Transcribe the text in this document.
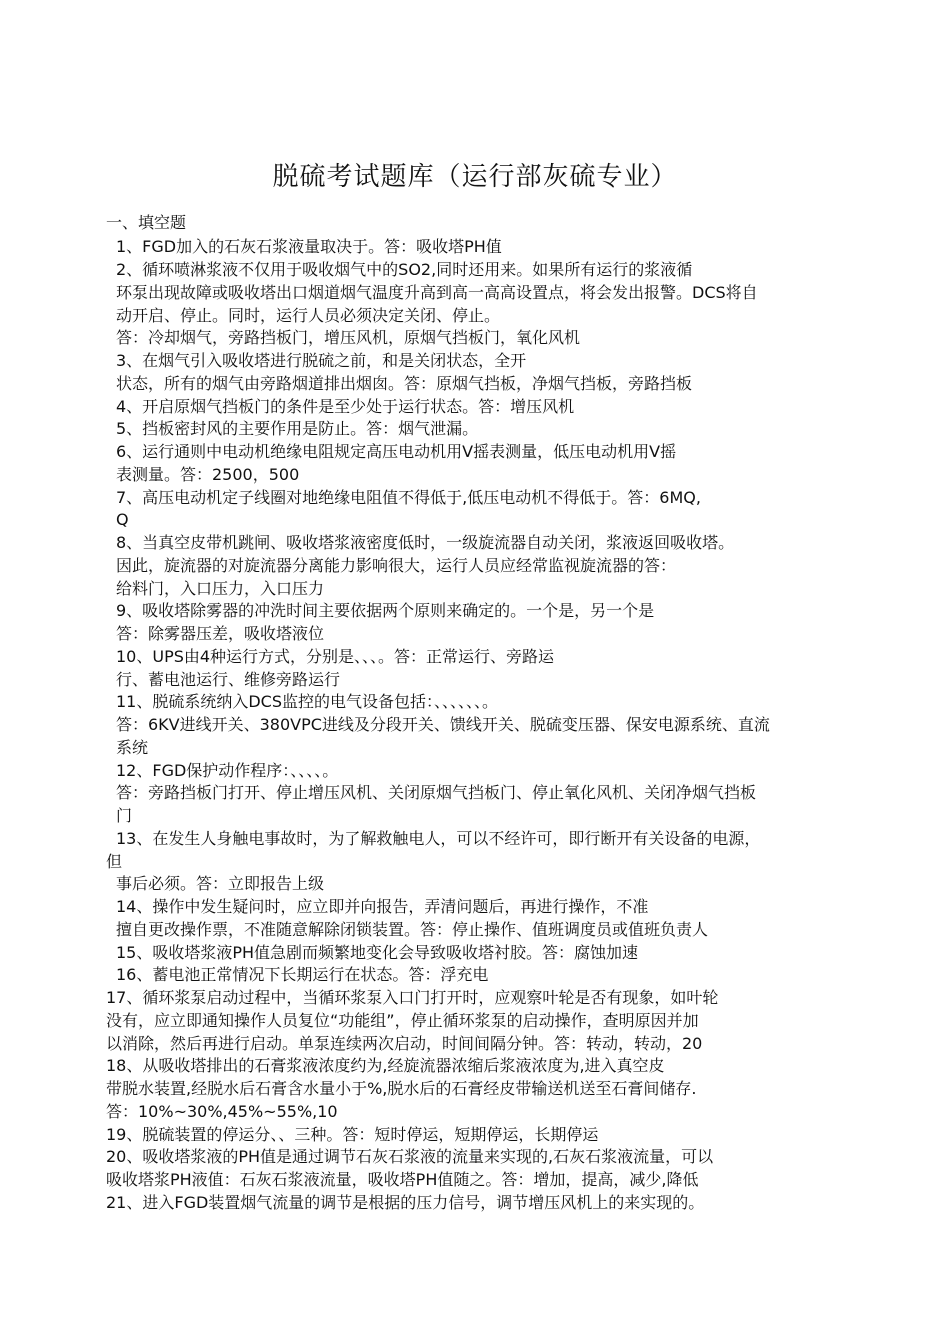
脱硫考试题库（运行部灰硫专业）
一、填空题
1、FGD加入的石灰石浆液量取决于。答：吸收塔PH值
2、循环喷淋浆液不仅用于吸收烟气中的SO2,同时还用来。如果所有运行的浆液循
环泵出现故障或吸收塔出口烟道烟气温度升高到高一高高设置点，将会发出报警。DCS将自
动开启、停止。同时，运行人员必须决定关闭、停止。
答：冷却烟气，旁路挡板门，增压风机，原烟气挡板门，氧化风机
3、在烟气引入吸收塔进行脱硫之前，和是关闭状态，全开
状态，所有的烟气由旁路烟道排出烟囱。答：原烟气挡板，净烟气挡板，旁路挡板
4、开启原烟气挡板门的条件是至少处于运行状态。答：增压风机
5、挡板密封风的主要作用是防止。答：烟气泄漏。
6、运行通则中电动机绝缘电阻规定高压电动机用V摇表测量，低压电动机用V摇
表测量。答：2500，500
7、高压电动机定子线圈对地绝缘电阻值不得低于,低压电动机不得低于。答：6MQ,
Q
8、当真空皮带机跳闸、吸收塔浆液密度低时，一级旋流器自动关闭，浆液返回吸收塔。
因此，旋流器的对旋流器分离能力影响很大，运行人员应经常监视旋流器的答：
给料门，入口压力，入口压力
9、吸收塔除雾器的冲洗时间主要依据两个原则来确定的。一个是，另一个是
答：除雾器压差，吸收塔液位
10、UPS由4种运行方式，分别是、、、。答：正常运行、旁路运
行、蓄电池运行、维修旁路运行
11、脱硫系统纳入DCS监控的电气设备包括：、、、、、、。
答：6KV进线开关、380VPC进线及分段开关、馈线开关、脱硫变压器、保安电源系统、直流
系统
12、FGD保护动作程序：、、、、。
答：旁路挡板门打开、停止增压风机、关闭原烟气挡板门、停止氧化风机、关闭净烟气挡板
门
13、在发生人身触电事故时，为了解救触电人，可以不经许可，即行断开有关设备的电源，
但
事后必须。答：立即报告上级
14、操作中发生疑问时，应立即并向报告，弄清问题后，再进行操作，不准
擅自更改操作票，不准随意解除闭锁装置。答：停止操作、值班调度员或值班负责人
15、吸收塔浆液PH值急剧而频繁地变化会导致吸收塔衬胶。答：腐蚀加速
16、蓄电池正常情况下长期运行在状态。答：浮充电
17、循环浆泵启动过程中，当循环浆泵入口门打开时，应观察叶轮是否有现象，如叶轮
没有，应立即通知操作人员复位“功能组”，停止循环浆泵的启动操作，查明原因并加
以消除，然后再进行启动。单泵连续两次启动，时间间隔分钟。答：转动，转动，20
18、从吸收塔排出的石膏浆液浓度约为,经旋流器浓缩后浆液浓度为,进入真空皮
带脱水装置,经脱水后石膏含水量小于%,脱水后的石膏经皮带输送机送至石膏间储存.
答：10%~30%,45%~55%,10
19、脱硫装置的停运分、、三种。答：短时停运，短期停运，长期停运
20、吸收塔浆液的PH值是通过调节石灰石浆液的流量来实现的,石灰石浆液流量，可以
吸收塔浆PH液值：石灰石浆液流量，吸收塔PH值随之。答：增加，提高，减少,降低
21、进入FGD装置烟气流量的调节是根据的压力信号，调节增压风机上的来实现的。
